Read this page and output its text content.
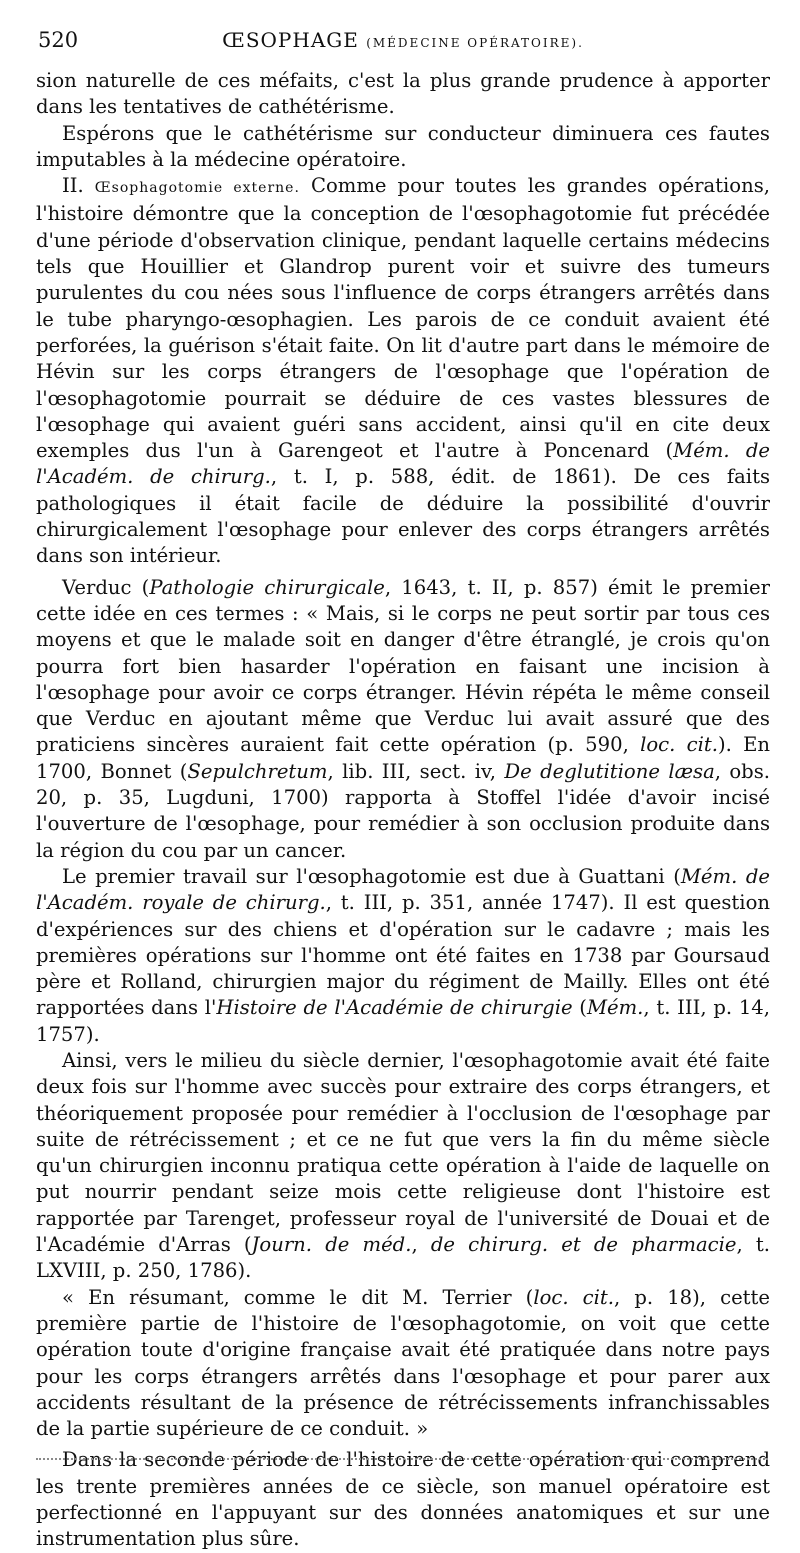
520	ŒSOPHAGE (MÉDECINE OPÉRATOIRE).

sion naturelle de ces méfaits, c'est la plus grande prudence à apporter dans les tentatives de cathétérisme.

Espérons que le cathétérisme sur conducteur diminuera ces fautes imputables à la médecine opératoire.

II. Œsophagotomie externe. Comme pour toutes les grandes opérations, l'histoire démontre que la conception de l'œsophagotomie fut précédée d'une période d'observation clinique, pendant laquelle certains médecins tels que Houillier et Glandrop purent voir et suivre des tumeurs purulentes du cou nées sous l'influence de corps étrangers arrêtés dans le tube pharyngo-œsophagien. Les parois de ce conduit avaient été perforées, la guérison s'était faite. On lit d'autre part dans le mémoire de Hévin sur les corps étrangers de l'œsophage que l'opération de l'œsophagotomie pourrait se déduire de ces vastes blessures de l'œsophage qui avaient guéri sans accident, ainsi qu'il en cite deux exemples dus l'un à Garengeot et l'autre à Poncenard (Mém. de l'Académ. de chirurg., t. I, p. 588, édit. de 1861). De ces faits pathologiques il était facile de déduire la possibilité d'ouvrir chirurgicalement l'œsophage pour enlever des corps étrangers arrêtés dans son intérieur.

Verduc (Pathologie chirurgicale, 1643, t. II, p. 857) émit le premier cette idée en ces termes : « Mais, si le corps ne peut sortir par tous ces moyens et que le malade soit en danger d'être étranglé, je crois qu'on pourra fort bien hasarder l'opération en faisant une incision à l'œsophage pour avoir ce corps étranger. Hévin répéta le même conseil que Verduc en ajoutant même que Verduc lui avait assuré que des praticiens sincères auraient fait cette opération (p. 590, loc. cit.). En 1700, Bonnet (Sepulchretum, lib. III, sect. iv, De deglutitione læsa, obs. 20, p. 35, Lugduni, 1700) rapporta à Stoffel l'idée d'avoir incisé l'ouverture de l'œsophage, pour remédier à son occlusion produite dans la région du cou par un cancer.

Le premier travail sur l'œsophagotomie est due à Guattani (Mém. de l'Académ. royale de chirurg., t. III, p. 351, année 1747). Il est question d'expériences sur des chiens et d'opération sur le cadavre ; mais les premières opérations sur l'homme ont été faites en 1738 par Goursaud père et Rolland, chirurgien major du régiment de Mailly. Elles ont été rapportées dans l'Histoire de l'Académie de chirurgie (Mém., t. III, p. 14, 1757).

Ainsi, vers le milieu du siècle dernier, l'œsophagotomie avait été faite deux fois sur l'homme avec succès pour extraire des corps étrangers, et théoriquement proposée pour remédier à l'occlusion de l'œsophage par suite de rétrécissement ; et ce ne fut que vers la fin du même siècle qu'un chirurgien inconnu pratiqua cette opération à l'aide de laquelle on put nourrir pendant seize mois cette religieuse dont l'histoire est rapportée par Tarenget, professeur royal de l'université de Douai et de l'Académie d'Arras (Journ. de méd., de chirurg. et de pharmacie, t. LXVIII, p. 250, 1786).

« En résumant, comme le dit M. Terrier (loc. cit., p. 18), cette première partie de l'histoire de l'œsophagotomie, on voit que cette opération toute d'origine française avait été pratiquée dans notre pays pour les corps étrangers arrêtés dans l'œsophage et pour parer aux accidents résultant de la présence de rétrécissements infranchissables de la partie supérieure de ce conduit. »

Dans la seconde période de l'histoire de cette opération qui comprend les trente premières années de ce siècle, son manuel opératoire est perfectionné en l'appuyant sur des données anatomiques et sur une instrumentation plus sûre.
